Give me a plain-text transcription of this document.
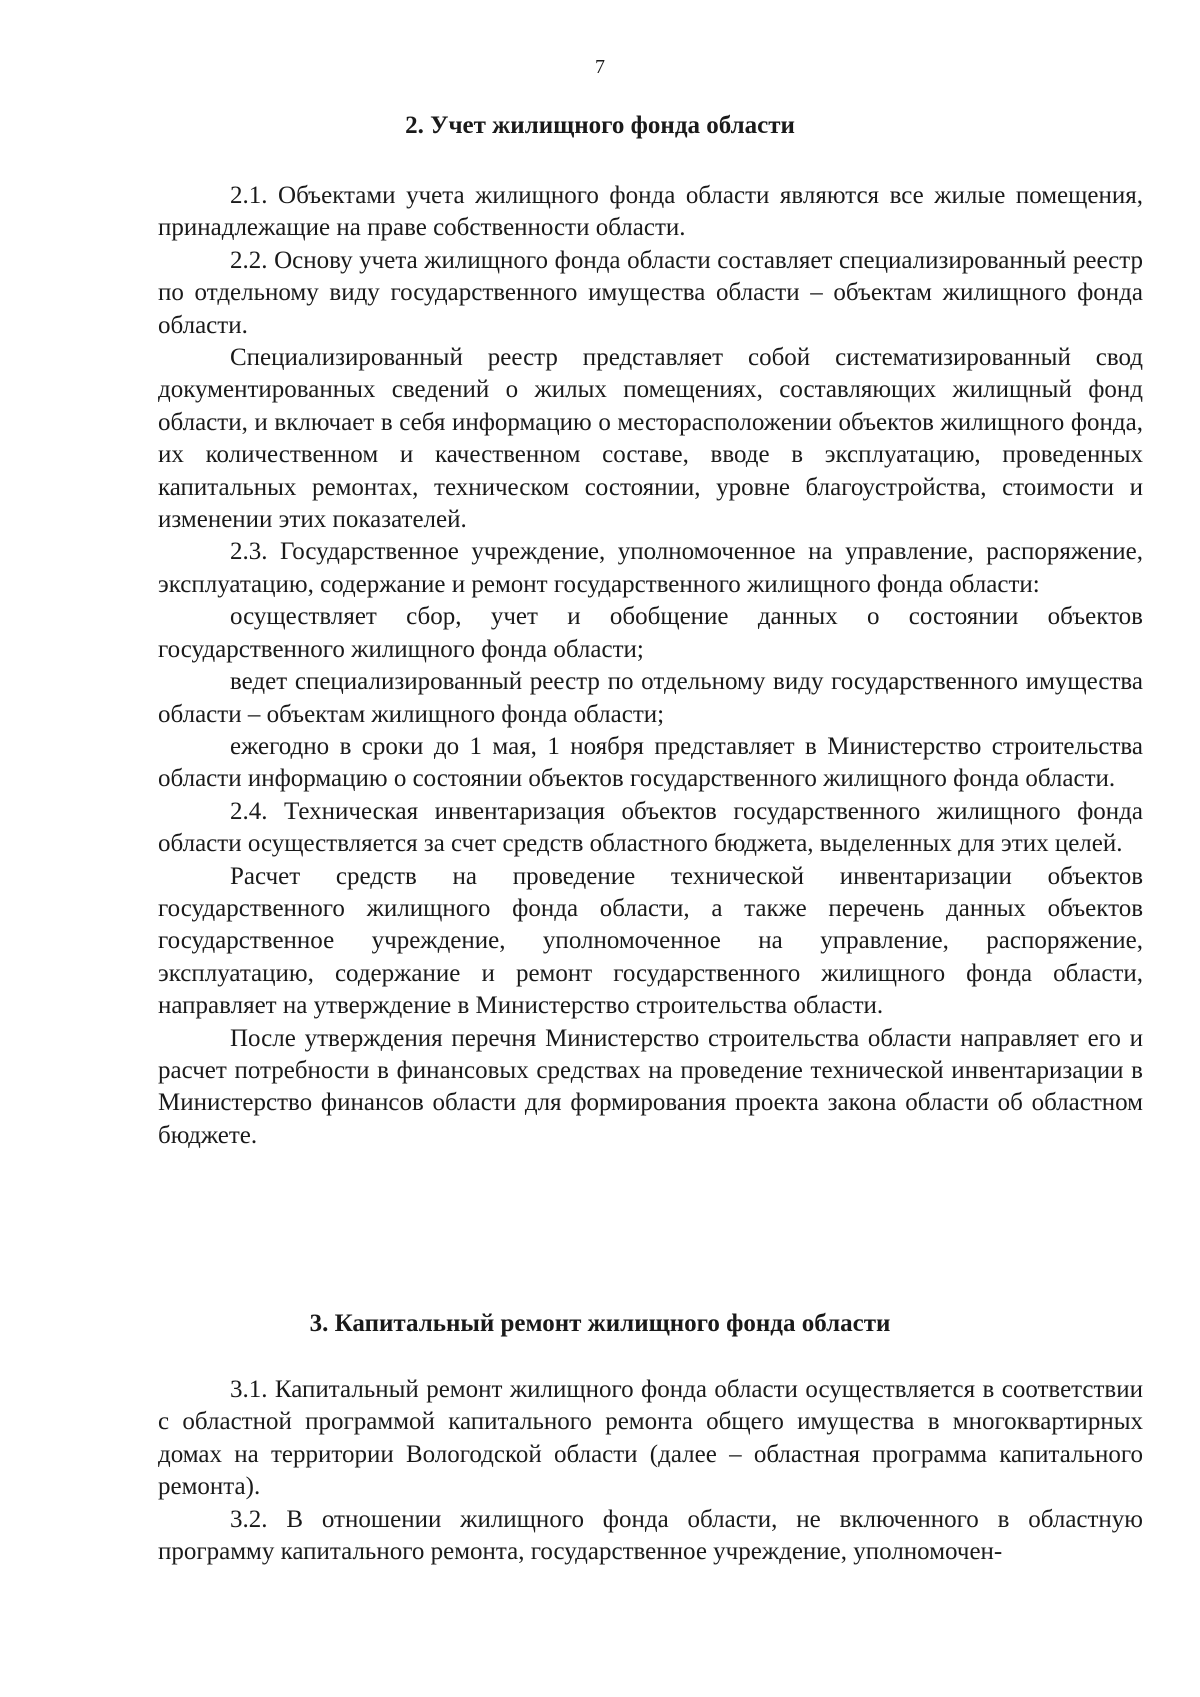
7
2. Учет жилищного фонда области

2.1. Объектами учета жилищного фонда области являются все жилые помещения, принадлежащие на праве собственности области.

2.2. Основу учета жилищного фонда области составляет специализированный реестр по отдельному виду государственного имущества области – объектам жилищного фонда области.

Специализированный реестр представляет собой систематизированный свод документированных сведений о жилых помещениях, составляющих жилищный фонд области, и включает в себя информацию о месторасположении объектов жилищного фонда, их количественном и качественном составе, вводе в эксплуатацию, проведенных капитальных ремонтах, техническом состоянии, уровне благоустройства, стоимости и изменении этих показателей.

2.3. Государственное учреждение, уполномоченное на управление, распоряжение, эксплуатацию, содержание и ремонт государственного жилищного фонда области:

осуществляет сбор, учет и обобщение данных о состоянии объектов государственного жилищного фонда области;

ведет специализированный реестр по отдельному виду государственного имущества области – объектам жилищного фонда области;

ежегодно в сроки до 1 мая, 1 ноября представляет в Министерство строительства области информацию о состоянии объектов государственного жилищного фонда области.

2.4. Техническая инвентаризация объектов государственного жилищного фонда области осуществляется за счет средств областного бюджета, выделенных для этих целей.

Расчет средств на проведение технической инвентаризации объектов государственного жилищного фонда области, а также перечень данных объектов государственное учреждение, уполномоченное на управление, распоряжение, эксплуатацию, содержание и ремонт государственного жилищного фонда области, направляет на утверждение в Министерство строительства области.

После утверждения перечня Министерство строительства области направляет его и расчет потребности в финансовых средствах на проведение технической инвентаризации в Министерство финансов области для формирования проекта закона области об областном бюджете.

3. Капитальный ремонт жилищного фонда области

3.1. Капитальный ремонт жилищного фонда области осуществляется в соответствии с областной программой капитального ремонта общего имущества в многоквартирных домах на территории Вологодской области (далее – областная программа капитального ремонта).

3.2. В отношении жилищного фонда области, не включенного в областную программу капитального ремонта, государственное учреждение, уполномочен-
